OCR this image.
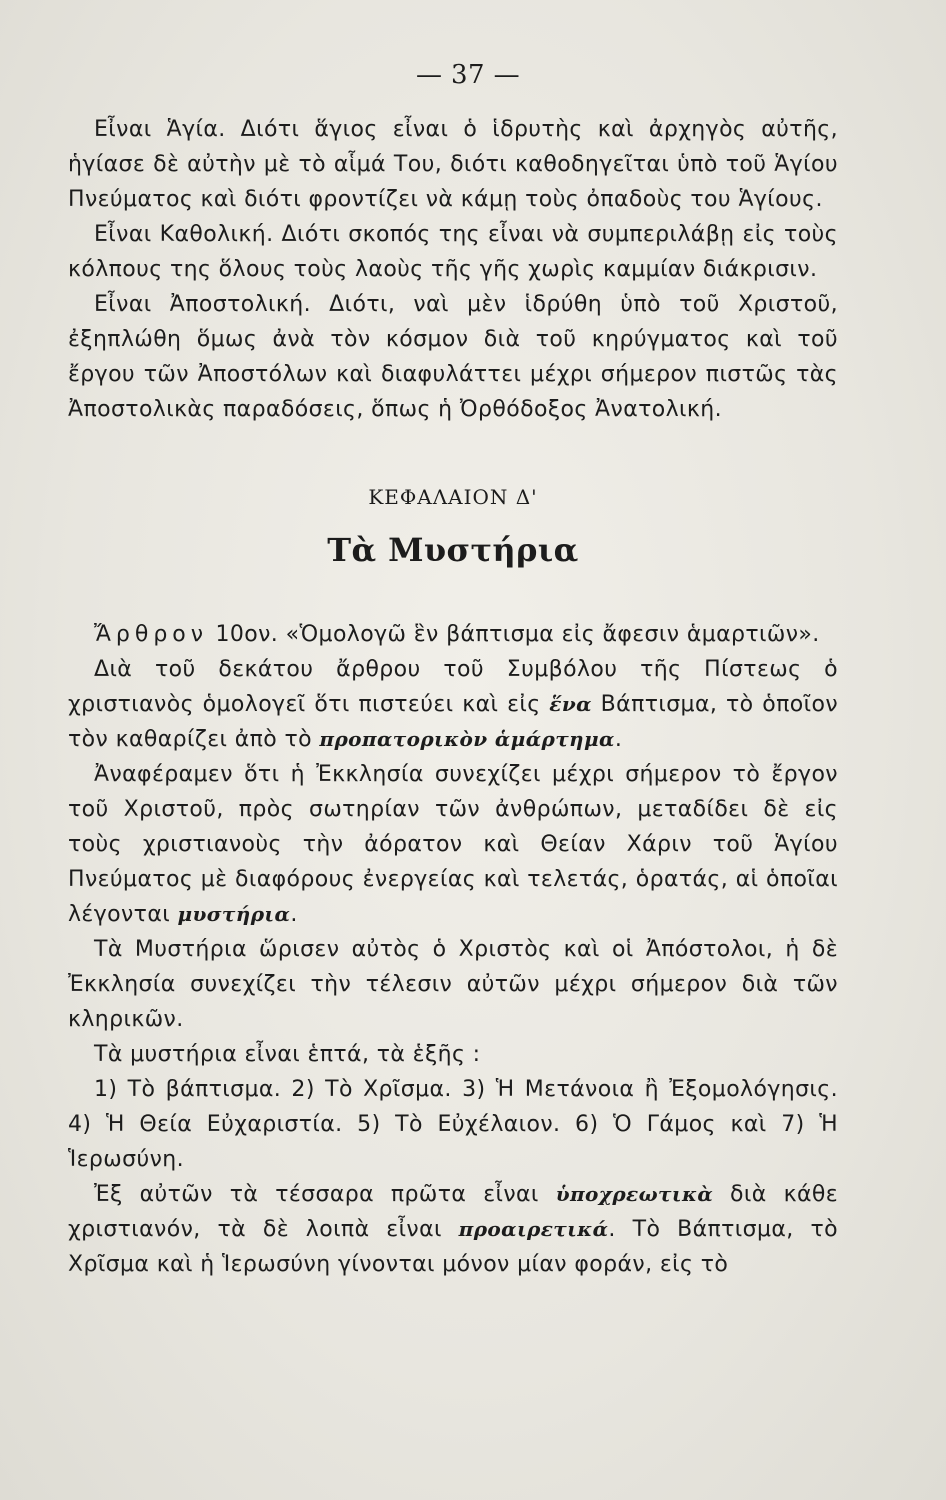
— 37 —

Εἶναι Ἁγία. Διότι ἅγιος εἶναι ὁ ἱδρυτὴς καὶ ἀρχηγὸς αὐτῆς, ἡγίασε δὲ αὐτὴν μὲ τὸ αἷμά Του, διότι καθοδηγεῖται ὑπὸ τοῦ Ἁγίου Πνεύματος καὶ διότι φροντίζει νὰ κάμῃ τοὺς ὀπαδοὺς του Ἁγίους.

Εἶναι Καθολική. Διότι σκοπός της εἶναι νὰ συμπεριλάβῃ εἰς τοὺς κόλπους της ὅλους τοὺς λαοὺς τῆς γῆς χωρὶς καμμίαν διάκρισιν.

Εἶναι Ἀποστολική. Διότι, ναὶ μὲν ἱδρύθη ὑπὸ τοῦ Χριστοῦ, ἐξηπλώθη ὅμως ἀνὰ τὸν κόσμον διὰ τοῦ κηρύγματος καὶ τοῦ ἔργου τῶν Ἀποστόλων καὶ διαφυλάττει μέχρι σήμερον πιστῶς τὰς Ἀποστολικὰς παραδόσεις, ὅπως ἡ Ὀρθόδοξος Ἀνατολική.

ΚΕΦΑΛΑΙΟΝ Δ'
Τὰ Μυστήρια

Ἄρθρον 10ον. «Ὁμολογῶ ἓν βάπτισμα εἰς ἄφεσιν ἁμαρτιῶν».

Διὰ τοῦ δεκάτου ἄρθρου τοῦ Συμβόλου τῆς Πίστεως ὁ χριστιανὸς ὁμολογεῖ ὅτι πιστεύει καὶ εἰς ἕνα Βάπτισμα, τὸ ὁποῖον τὸν καθαρίζει ἀπὸ τὸ προπατορικὸν ἁμάρτημα.

Ἀναφέραμεν ὅτι ἡ Ἐκκλησία συνεχίζει μέχρι σήμερον τὸ ἔργον τοῦ Χριστοῦ, πρὸς σωτηρίαν τῶν ἀνθρώπων, μεταδίδει δὲ εἰς τοὺς χριστιανοὺς τὴν ἀόρατον καὶ Θείαν Χάριν τοῦ Ἁγίου Πνεύματος μὲ διαφόρους ἐνεργείας καὶ τελετάς, ὁρατάς, αἱ ὁποῖαι λέγονται μυστήρια.

Τὰ Μυστήρια ὥρισεν αὐτὸς ὁ Χριστὸς καὶ οἱ Ἀπόστολοι, ἡ δὲ Ἐκκλησία συνεχίζει τὴν τέλεσιν αὐτῶν μέχρι σήμερον διὰ τῶν κληρικῶν.

Τὰ μυστήρια εἶναι ἑπτά, τὰ ἑξῆς :

1) Τὸ βάπτισμα. 2) Τὸ Χρῖσμα. 3) Ἡ Μετάνοια ἢ Ἐξομολόγησις. 4) Ἡ Θεία Εὐχαριστία. 5) Τὸ Εὐχέλαιον. 6) Ὁ Γάμος καὶ 7) Ἡ Ἱερωσύνη.

Ἐξ αὐτῶν τὰ τέσσαρα πρῶτα εἶναι ὑποχρεωτικὰ διὰ κάθε χριστιανόν, τὰ δὲ λοιπὰ εἶναι προαιρετικά. Τὸ Βάπτισμα, τὸ Χρῖσμα καὶ ἡ Ἱερωσύνη γίνονται μόνον μίαν φοράν, εἰς τὸ
